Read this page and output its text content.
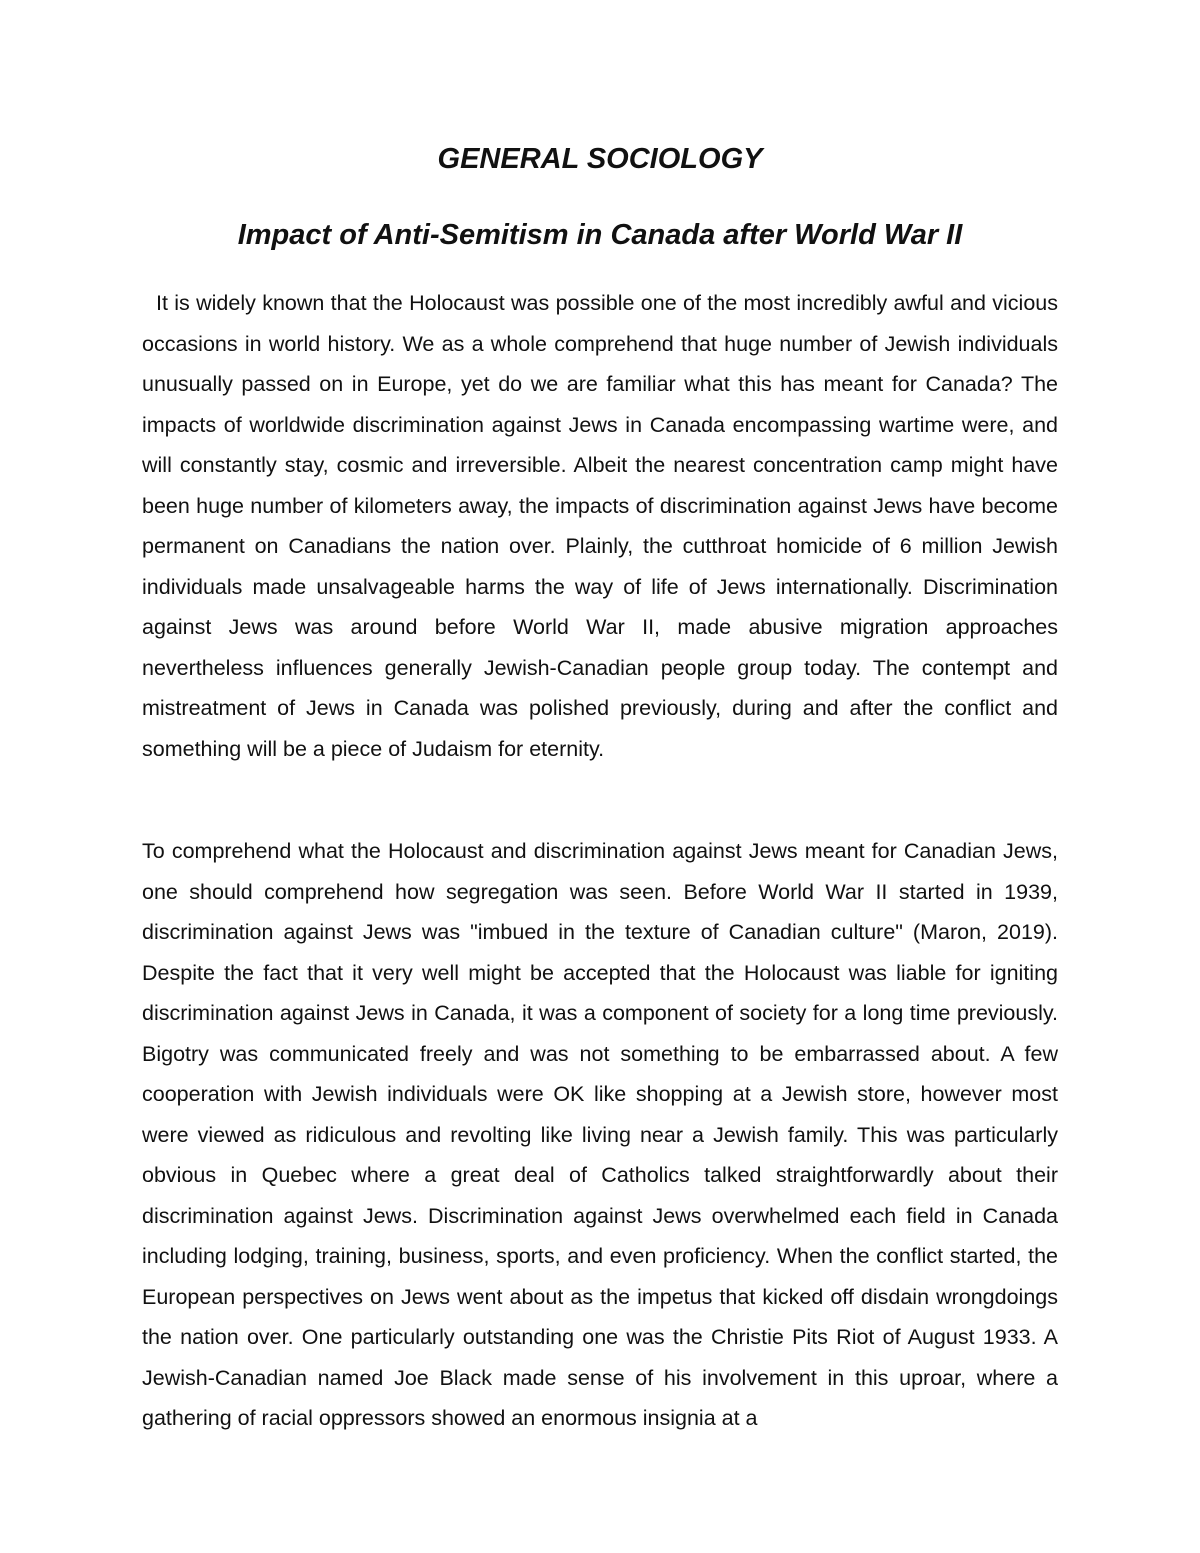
GENERAL SOCIOLOGY
Impact of Anti-Semitism in Canada after World War II

It is widely known that the Holocaust was possible one of the most incredibly awful and vicious occasions in world history. We as a whole comprehend that huge number of Jewish individuals unusually passed on in Europe, yet do we are familiar what this has meant for Canada? The impacts of worldwide discrimination against Jews in Canada encompassing wartime were, and will constantly stay, cosmic and irreversible. Albeit the nearest concentration camp might have been huge number of kilometers away, the impacts of discrimination against Jews have become permanent on Canadians the nation over. Plainly, the cutthroat homicide of 6 million Jewish individuals made unsalvageable harms the way of life of Jews internationally. Discrimination against Jews was around before World War II, made abusive migration approaches nevertheless influences generally Jewish-Canadian people group today. The contempt and mistreatment of Jews in Canada was polished previously, during and after the conflict and something will be a piece of Judaism for eternity.

To comprehend what the Holocaust and discrimination against Jews meant for Canadian Jews, one should comprehend how segregation was seen. Before World War II started in 1939, discrimination against Jews was "imbued in the texture of Canadian culture" (Maron, 2019). Despite the fact that it very well might be accepted that the Holocaust was liable for igniting discrimination against Jews in Canada, it was a component of society for a long time previously. Bigotry was communicated freely and was not something to be embarrassed about. A few cooperation with Jewish individuals were OK like shopping at a Jewish store, however most were viewed as ridiculous and revolting like living near a Jewish family. This was particularly obvious in Quebec where a great deal of Catholics talked straightforwardly about their discrimination against Jews. Discrimination against Jews overwhelmed each field in Canada including lodging, training, business, sports, and even proficiency. When the conflict started, the European perspectives on Jews went about as the impetus that kicked off disdain wrongdoings the nation over. One particularly outstanding one was the Christie Pits Riot of August 1933. A Jewish-Canadian named Joe Black made sense of his involvement in this uproar, where a gathering of racial oppressors showed an enormous insignia at a
